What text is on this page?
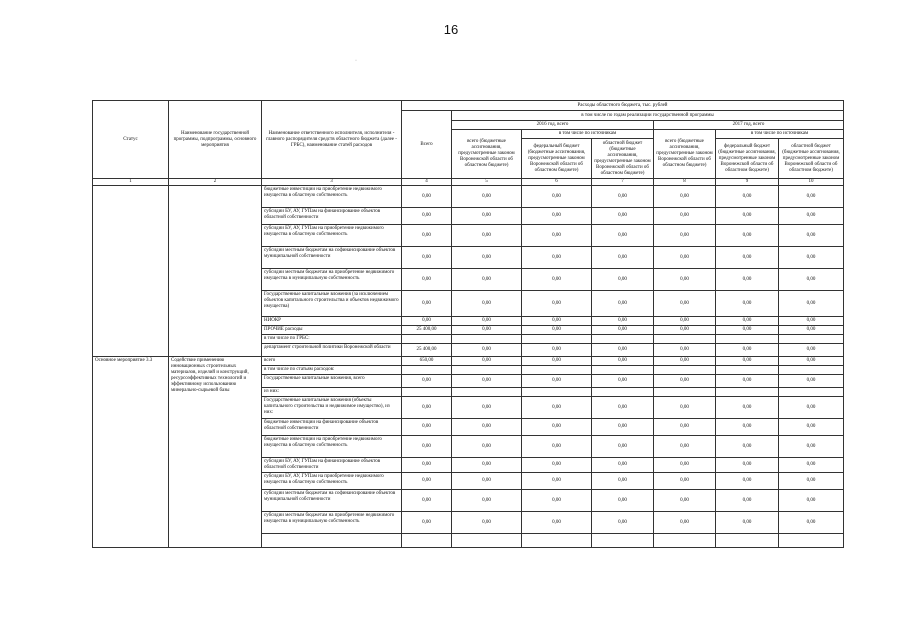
16
·
Статус	Наименование государственной программы, подпрограммы, основного мероприятия	Наименование ответственного исполнителя, исполнителя - главного распорядителя средств областного бюджета (далее - ГРБС), наименование статей расходов	Расходы областного бюджета, тыс. рублей						
			Всего	в том числе по годам реализации государственной программы					
				2016 год, всего			2017 год, всего		
				всего (бюджетные ассигнования, предусмотренные законом Воронежской области об областном бюджете)	в том числе по источникам		всего (бюджетные ассигнования, предусмотренные законом Воронежской области об областном бюджете)	в том числе по источникам	
					федеральный бюджет (бюджетные ассигнования, предусмотренные законом Воронежской области об областном бюджете)	областной бюджет (бюджетные ассигнования, предусмотренные законом Воронежской области об областном бюджете)		федеральный бюджет (бюджетные ассигнования, предусмотренные законом Воронежской области об областном бюджете)	областной бюджет (бюджетные ассигнования, предусмотренные законом Воронежской области об областном бюджете)
1	2	3	4	5	6	7	8	9	10
		бюджетные инвестиции на приобретение недвижимого имущества в областную собственность	0,00	0,00	0,00	0,00	0,00	0,00	0,00
		субсидии БУ, АУ, ГУПам на финансирование объектов областной собственности	0,00	0,00	0,00	0,00	0,00	0,00	0,00
		субсидии БУ, АУ, ГУПам на приобретение недвижимого имущества в областную собственность	0,00	0,00	0,00	0,00	0,00	0,00	0,00
		субсидии местным бюджетам на софинансирование объектов муниципальной собственности	0,00	0,00	0,00	0,00	0,00	0,00	0,00
		субсидии местным бюджетам на приобретение недвижимого имущества в муниципальную собственность	0,00	0,00	0,00	0,00	0,00	0,00	0,00
		Государственные капитальные вложения (за исключением объектов капитального строительства и объектов недвижимого имущества)	0,00	0,00	0,00	0,00	0,00	0,00	0,00
		НИОКР	0,00	0,00	0,00	0,00	0,00	0,00	0,00
		ПРОЧИЕ расходы	25 400,00	0,00	0,00	0,00	0,00	0,00	0,00
		в том числе по ГРБС:							
		департамент строительной политики Воронежской области	25 400,00	0,00	0,00	0,00	0,00	0,00	0,00
Основное мероприятие 3.3	Содействие применению инновационных строительных материалов, изделий и конструкций, ресурсоэффективных технологий и эффективному использованию минерально-сырьевой базы	всего	650,00	0,00	0,00	0,00	0,00	0,00	0,00
		в том числе по статьям расходов:							
		Государственные капитальные вложения, всего	0,00	0,00	0,00	0,00	0,00	0,00	0,00
		из них:							
		Государственные капитальные вложения (объекты капитального строительства и недвижимое имущество), из них:	0,00	0,00	0,00	0,00	0,00	0,00	0,00
		бюджетные инвестиции на финансирование объектов областной собственности	0,00	0,00	0,00	0,00	0,00	0,00	0,00
		бюджетные инвестиции на приобретение недвижимого имущества в областную собственность	0,00	0,00	0,00	0,00	0,00	0,00	0,00
		субсидии БУ, АУ, ГУПам на финансирование объектов областной собственности	0,00	0,00	0,00	0,00	0,00	0,00	0,00
		субсидии БУ, АУ, ГУПам на приобретение недвижимого имущества в областную собственность	0,00	0,00	0,00	0,00	0,00	0,00	0,00
		субсидии местным бюджетам на софинансирование объектов муниципальной собственности	0,00	0,00	0,00	0,00	0,00	0,00	0,00
		субсидии местным бюджетам на приобретение недвижимого имущества в муниципальную собственность	0,00	0,00	0,00	0,00	0,00	0,00	0,00
